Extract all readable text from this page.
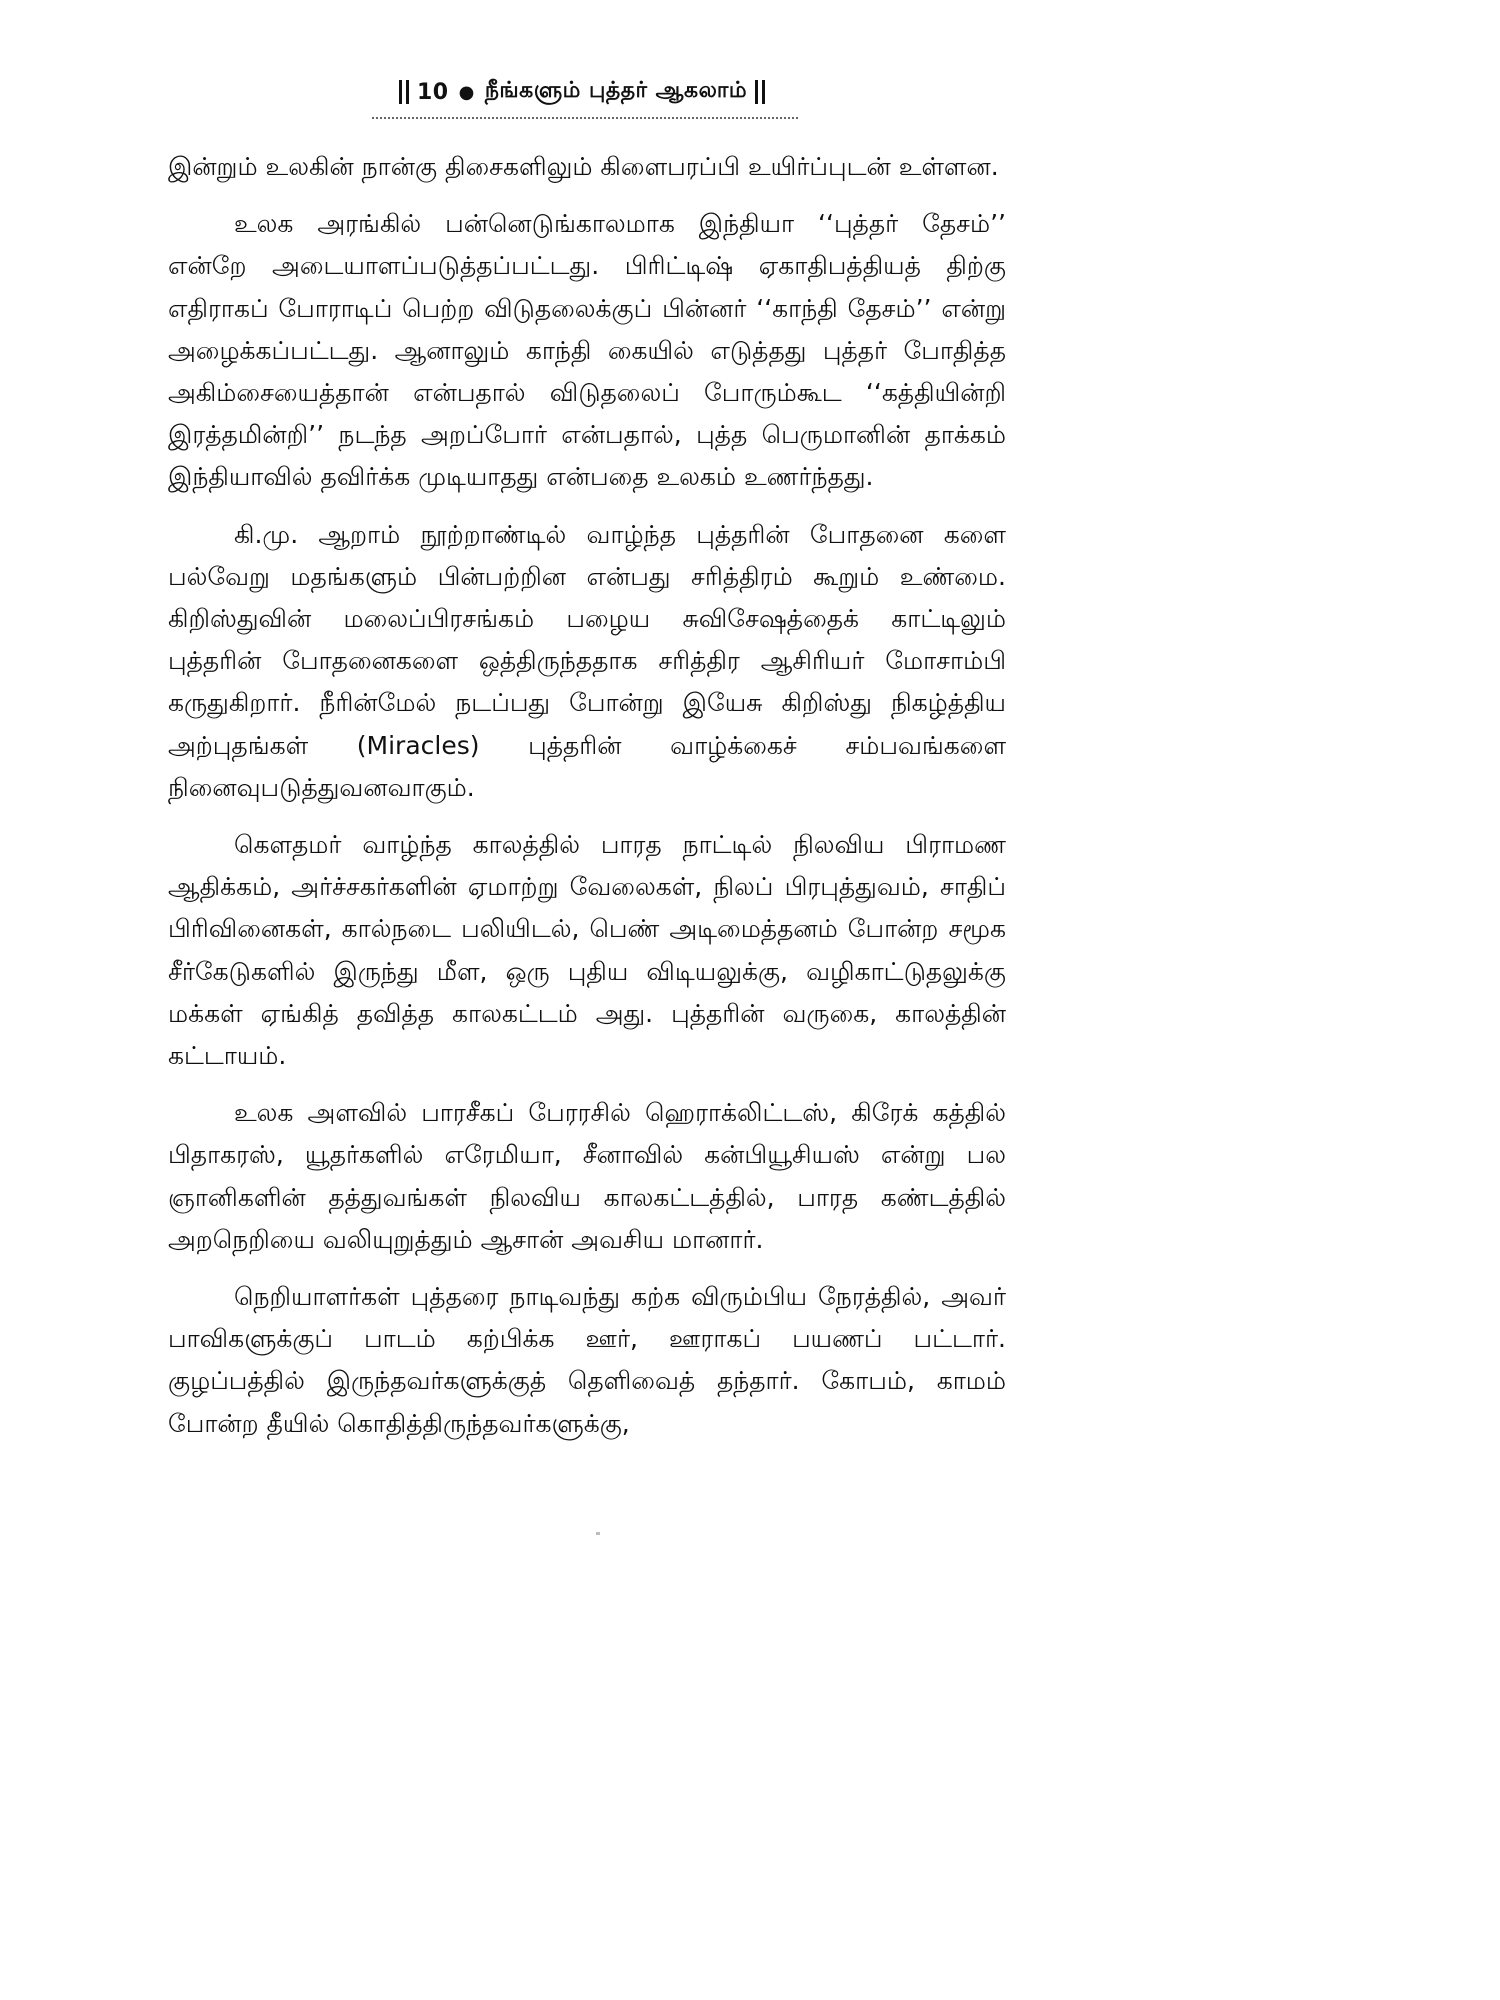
10 ● நீங்களும் புத்தர் ஆகலாம்

இன்றும் உலகின் நான்கு திசைகளிலும் கிளைபரப்பி உயிர்ப்புடன் உள்ளன.

உலக அரங்கில் பன்னெடுங்காலமாக இந்தியா ‘‘புத்தர் தேசம்’’ என்றே அடையாளப்படுத்தப்பட்டது. பிரிட்டிஷ் ஏகாதிபத்தியத் திற்கு எதிராகப் போராடிப் பெற்ற விடுதலைக்குப் பின்னர் ‘‘காந்தி தேசம்’’ என்று அழைக்கப்பட்டது. ஆனாலும் காந்தி கையில் எடுத்தது புத்தர் போதித்த அகிம்சையைத்தான் என்பதால் விடுதலைப் போரும்கூட ‘‘கத்தியின்றி இரத்தமின்றி’’ நடந்த அறப்போர் என்பதால், புத்த பெருமானின் தாக்கம் இந்தியாவில் தவிர்க்க முடியாதது என்பதை உலகம் உணர்ந்தது.

கி.மு. ஆறாம் நூற்றாண்டில் வாழ்ந்த புத்தரின் போதனை களை பல்வேறு மதங்களும் பின்பற்றின என்பது சரித்திரம் கூறும் உண்மை. கிறிஸ்துவின் மலைப்பிரசங்கம் பழைய சுவிசேஷத்தைக் காட்டிலும் புத்தரின் போதனைகளை ஒத்திருந்ததாக சரித்திர ஆசிரியர் மோசாம்பி கருதுகிறார். நீரின்மேல் நடப்பது போன்று இயேசு கிறிஸ்து நிகழ்த்திய அற்புதங்கள் (Miracles) புத்தரின் வாழ்க்கைச் சம்பவங்களை நினைவுபடுத்துவனவாகும்.

கௌதமர் வாழ்ந்த காலத்தில் பாரத நாட்டில் நிலவிய பிராமண ஆதிக்கம், அர்ச்சகர்களின் ஏமாற்று வேலைகள், நிலப் பிரபுத்துவம், சாதிப் பிரிவினைகள், கால்நடை பலியிடல், பெண் அடிமைத்தனம் போன்ற சமூக சீர்கேடுகளில் இருந்து மீள, ஒரு புதிய விடியலுக்கு, வழிகாட்டுதலுக்கு மக்கள் ஏங்கித் தவித்த காலகட்டம் அது. புத்தரின் வருகை, காலத்தின் கட்டாயம்.

உலக அளவில் பாரசீகப் பேரரசில் ஹெராக்லிட்டஸ், கிரேக் கத்தில் பிதாகரஸ், யூதர்களில் எரேமியா, சீனாவில் கன்பியூசியஸ் என்று பல ஞானிகளின் தத்துவங்கள் நிலவிய காலகட்டத்தில், பாரத கண்டத்தில் அறநெறியை வலியுறுத்தும் ஆசான் அவசிய மானார்.

நெறியாளர்கள் புத்தரை நாடிவந்து கற்க விரும்பிய நேரத்தில், அவர் பாவிகளுக்குப் பாடம் கற்பிக்க ஊர், ஊராகப் பயணப் பட்டார். குழப்பத்தில் இருந்தவர்களுக்குத் தெளிவைத் தந்தார். கோபம், காமம் போன்ற தீயில் கொதித்திருந்தவர்களுக்கு,
